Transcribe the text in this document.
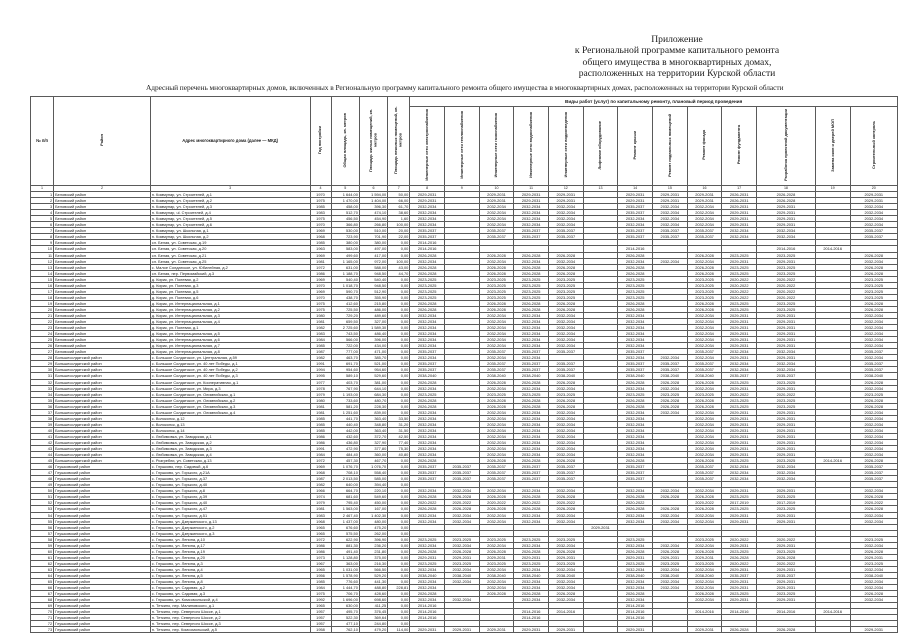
Приложение
к Региональной программе капитального ремонта
общего имущества в многоквартирных домах,
расположенных на территории Курской области
Адресный перечень многоквартирных домов, включенных в Региональную программу капитального ремонта общего имущества в многоквартирных домах, расположенных на территории Курской области
№ п/п	Район	Адрес многоквартирного дома (далее — МКД)	Год постройки	Общая площадь, кв. метров	Площадь жилых помещений, кв. метров	Площадь нежилых помещений, кв. метров	Виды работ (услуг) по капитальному ремонту, плановый период проведения												
							Инженерные сети электроснабжения	Инженерные сети теплоснабжения	Инженерные сети газоснабжения	Инженерные сети водоснабжения	Инженерные сети водоотведения	Лифтовое оборудование	Ремонт крыши	Ремонт подвальных помещений	Ремонт фасада	Ремонт фундамента	Разработка проектной документации	Замена окон и дверей МОП	Строительный контроль
1	2	3	4	5	6	7	8	9	10	11	12	13	14	15	16	17	18	19	20
1	Беловский район	п. Коммунар, ул. Строителей, д.1	1970	1 644,00	1 594,00	50,00	2029-2031		2029-2031	2029-2031	2029-2031		2029-2031	2029-2031	2029-2031	2026-2031	2026-2028		2029-2031
2	Беловский район	п. Коммунар, ул. Строителей, д.2	1975	1 470,00	1 404,00	66,00	2029-2031		2029-2031	2029-2031	2029-2031		2029-2031	2029-2031	2029-2031	2026-2031	2026-2028		2029-2031
3	Беловский район	п. Коммунар, ул. Строителей, д.3	1985	458,00	396,30	61,70	2032-2034		2032-2034	2032-2034	2032-2034		2035-2037	2032-2034	2032-2034	2029-2031	2029-2031		2032-2034
4	Беловский район	п. Коммунар, ul. Строителей, д.4	1983	512,70	474,10	38,60	2032-2034		2032-2034	2032-2034	2032-2034		2035-2037	2032-2034	2032-2034	2029-2031	2029-2031		2032-2034
5	Беловский район	п. Коммунар, ул. Строителей, д.5	1975	456,50	454,90	1,60	2032-2034		2032-2034	2032-2034	2032-2034		2032-2034	2032-2034	2032-2034	2029-2031	2029-2031		2032-2034
6	Беловский район	п. Коммунар, ул. Строителей, д.6	1970	366,80	266,80	100,00	2032-2034		2032-2034	2032-2034	2032-2034		2032-2034	2032-2034	2032-2034	2029-2031	2029-2031		2032-2034
7	Беловский район	п. Коммунар, ул. Школьная, д.1	1969	530,00	510,00	20,00	2035-2037		2035-2037	2035-2037	2035-2037		2035-2037	2035-2037	2035-2037	2032-2034	2032-2034		2035-2037
8	Беловский район	п. Коммунар, ул. Школьная, д.2	1968	723,90	701,90	22,00	2035-2037		2035-2037	2035-2037	2035-2037		2035-2037	2035-2037	2035-2037	2032-2034	2032-2034		2035-2037
9	Беловский район	сл. Белая, ул. Советская, д.19	1985	380,00	380,00	0,00	2014-2016												
10	Беловский район	сл. Белая, ул. Советская, д.20	1963	583,00	497,00	0,00	2014-2016						2014-2016				2014-2016	2014-2016	
11	Беловский район	сл. Белая, ул. Советская, д.21	1969	499,60	417,00	0,00	2026-2028		2026-2028	2026-2028	2026-2028		2026-2028		2026-2028	2023-2025	2023-2025		2026-2028
12	Беловский район	сл. Белая, ул. Советская, д.25	1981	1 165,00	972,00	100,00	2032-2034		2032-2034	2032-2034	2032-2034		2032-2034	2032-2034	2032-2034	2029-2031	2029-2031		2032-2034
13	Беловский район	с. Малое Солдатское, ул. Юбилейная, д.2	1972	631,00	588,00	43,00	2026-2028		2026-2028	2026-2028	2026-2028		2026-2028		2026-2028	2023-2025	2023-2025		2026-2028
14	Беловский район	сл. Белая, пер. Первомайский, д.3	1986	1 188,70	948,50	44,70	2026-2028		2026-2028	2026-2028	2026-2028		2026-2028		2026-2028	2023-2025	2023-2025		2026-2028
15	Беловский район	д. Кирик, ул. Полевая, д.2	1969	540,40	540,40	0,00	2023-2025		2023-2025	2023-2025	2023-2025		2023-2025		2023-2025	2020-2022	2020-2022		2023-2025
16	Беловский район	д. Кирик, ул. Полевая, д.3	1970	1 018,70	948,50	0,00	2023-2025		2023-2025	2023-2025	2023-2025		2023-2025		2023-2025	2020-2022	2020-2022		2023-2025
17	Беловский район	д. Кирик, ул. Полевая, д.5	1969	590,70	512,90	0,00	2023-2025		2023-2025	2023-2025	2023-2025		2023-2025		2023-2025	2020-2022	2020-2022		2023-2025
18	Беловский район	д. Кирик, ул. Полевая, д.6	1970	438,70	355,90	0,00	2023-2025		2023-2025	2023-2025	2023-2025		2023-2025		2023-2025	2020-2022	2020-2022		2023-2025
19	Беловский район	д. Кирик, ул. Интернациональная, д.1	1975	412,60	215,80	0,00	2026-2028		2026-2028	2026-2028	2026-2028		2026-2028		2026-2028	2023-2025	2023-2025		2026-2028
20	Беловский район	д. Кирик, ул. Интернациональная, д.2	1975	725,50	486,00	0,00	2026-2028		2026-2028	2026-2028	2026-2028		2026-2028		2026-2028	2023-2025	2023-2025		2026-2028
21	Беловский район	д. Кирик, ул. Интернациональная, д.3	1980	729,20	489,60	0,00	2032-2034		2032-2034	2032-2034	2032-2034		2032-2034		2032-2034	2029-2031	2029-2031		2032-2034
22	Беловский район	д. Кирик, ул. Интернациональная, д.4	1981	659,50	327,00	0,00	2032-2034		2032-2034	2032-2034	2032-2034		2032-2034		2032-2034	2029-2031	2029-2031		2032-2034
23	Беловский район	д. Кирик, ул. Полевая, д.1	1982	2 725,60	1 589,30	0,00	2032-2034		2032-2034	2032-2034	2032-2034		2032-2034		2032-2034	2029-2031	2029-2031		2032-2034
24	Беловский район	д. Кирик, ул. Интернациональная, д.5	1983	743,50	486,40	0,00	2032-2034		2032-2034	2032-2034	2032-2034		2032-2034		2032-2034	2029-2031	2029-2031		2032-2034
25	Беловский район	д. Кирик, ул. Интернациональная, д.6	1984	566,00	396,00	0,00	2032-2034		2032-2034	2032-2034	2032-2034		2032-2034		2032-2034	2029-2031	2029-2031		2032-2034
26	Беловский район	д. Кирик, ул. Интернациональная, д.7	1985	722,00	434,00	0,00	2032-2034		2032-2034	2032-2034	2032-2034		2032-2034		2032-2034	2029-2031	2029-2031		2032-2034
27	Беловский район	д. Кирик, ул. Интернациональная, д.8	1987	777,00	471,00	0,00	2035-2037		2035-2037	2035-2037	2035-2037		2035-2037		2035-2037	2032-2034	2032-2034		2035-2037
28	Большесолдатский район	с. Большое Солдатское, ул. Центральная, д.59	1982	463,70	385,70	0,00	2032-2034		2032-2034	2032-2034			2032-2034	2032-2034	2032-2034	2029-2031	2029-2031		2032-2034
29	Большесолдатский район	с. Большое Солдатское, ул. 40 лет Победы, д.1	1991	691,70	521,00	0,00	2035-2037		2035-2037	2035-2037	2035-2037		2035-2037	2035-2037	2035-2037	2032-2034	2032-2034		2035-2037
30	Большесолдатский район	с. Большое Солдатское, ул. 40 лет Победы, д.2	1994	954,60	954,60	0,00	2035-2037		2035-2037	2035-2037	2035-2037		2035-2037	2035-2037	2035-2037	2032-2034	2032-2034		2035-2037
31	Большесолдатский район	с. Большое Солдатское, ул. 40 лет Победы, д.3	1995	589,10	529,60	0,00	2038-2040		2038-2040	2038-2040	2038-2040		2038-2040	2038-2040	2038-2040	2035-2037	2035-2037		2038-2040
32	Большесолдатский район	с. Большое Солдатское, ул. Кооперативная, д.1	1977	403,70	381,00	0,00	2026-2028		2026-2028	2026-2028	2026-2028		2026-2028	2026-2028	2026-2028	2023-2025	2023-2025		2026-2028
33	Большесолдатский район	с. Большое Солдатское, ул. Мира, д.3	1978	767,90	644,10	0,00	2032-2034		2032-2034	2032-2034	2032-2034		2032-2034	2032-2034	2032-2034	2029-2031	2029-2031		2032-2034
34	Большесолдатский район	с. Большое Солдатское, ул. Олимпийская, д.1	1979	1 193,00	684,30	0,00	2023-2025		2023-2025	2023-2025	2023-2025		2023-2025	2023-2025	2023-2025	2020-2022	2020-2022		2023-2025
35	Большесолдатский район	с. Большое Солдатское, ул. Олимпийская, д.2	1980	733,60	480,70	0,00	2026-2028		2026-2028	2026-2028	2026-2028		2026-2028	2026-2028	2026-2028	2023-2025	2023-2025		2026-2028
36	Большесолдатский район	с. Большое Солдатское, ул. Олимпийская, д.3	1981	581,20	228,30	0,00	2026-2028		2026-2028	2026-2028	2026-2028		2026-2028	2026-2028	2026-2028	2023-2025	2023-2025		2026-2028
37	Большесолдатский район	с. Большое Солдатское, ул. Олимпийская, д.4	1981	1 251,60	839,00	0,00	2032-2034		2032-2034	2032-2034	2032-2034		2032-2034	2032-2034	2032-2034	2029-2031	2029-2031		2032-2034
38	Большесолдатский район	с. Волоконск, д.12	1985	441,70	363,40	33,50	2032-2034		2032-2034	2032-2034	2032-2034		2032-2034		2032-2034	2029-2031	2029-2031		2032-2034
39	Большесолдатский район	с. Волоконск, д.13	1985	440,40	348,80	31,20	2032-2034		2032-2034	2032-2034	2032-2034		2032-2034		2032-2034	2029-2031	2029-2031		2032-2034
40	Большесолдатский район	с. Волоконск, д.14	1985	442,00	363,40	31,50	2032-2034		2032-2034	2032-2034	2032-2034		2032-2034		2032-2034	2029-2031	2029-2031		2032-2034
41	Большесолдатский район	с. Любимовка, ул. Заводская, д.1	1986	432,60	372,70	42,50	2032-2034		2032-2034	2032-2034	2032-2034		2032-2034		2032-2034	2029-2031	2029-2031		2032-2034
42	Большесолдатский район	с. Любимовка, ул. Заводская, д.2	1986	436,80	327,90	77,40	2032-2034		2032-2034	2032-2034	2032-2034		2032-2034		2032-2034	2029-2031	2029-2031		2032-2034
43	Большесолдатский район	с. Любимовка, ул. Заводская, д.3	1991	472,90	377,80	75,30	2032-2034		2032-2034	2032-2034	2032-2034		2032-2034		2032-2034	2029-2031	2029-2031		2032-2034
44	Большесолдатский район	с. Любимовка, ул. Заводская, д.4	1984	484,40	360,00	40,80	2032-2034		2032-2034	2032-2034	2032-2034		2032-2034		2032-2034	2029-2031	2029-2031		2032-2034
45	Большесолдатский район	с. Розгребли, ул. Советская, д.13	1972	457,30	467,70	0,00	2026-2028		2026-2028	2026-2028	2026-2028		2026-2028		2026-2028	2023-2025	2023-2025	2014-2016	2026-2028
46	Глушковский район	с. Глушково, пер. Садовый, д.6	1969	1 076,70	1 076,70	0,00	2035-2037	2035-2037	2035-2037	2035-2037	2035-2037		2035-2037		2035-2037	2032-2034	2032-2034		2035-2037
47	Глушковский район	с. Глушково, ул. Горького, д.21А	1968	708,10	558,40	0,00	2035-2037	2035-2037	2035-2037	2035-2037	2035-2037		2035-2037		2035-2037	2032-2034	2032-2034		2035-2037
48	Глушковский район	с. Глушково, ул. Горького, д.37	1987	2 013,50	585,00	0,00	2035-2037	2035-2037	2035-2037	2035-2037	2035-2037		2035-2037		2035-2037	2032-2034	2032-2034		2035-2037
49	Глушковский район	с. Глушково, ул. Горького, д.40	1982	640,00	394,40	0,00													
50	Глушковский район	с. Глушково, ул. Горького, д.8	1966	664,70	220,10	0,00	2032-2034	2032-2034	2032-2034	2032-2034	2032-2034		2032-2034	2032-2034	2032-2034	2029-2031	2029-2031		2032-2034
51	Глушковский район	с. Глушково, ул. Горького, д.39	1974	681,60	549,60	0,00	2026-2028	2026-2028	2026-2028	2026-2028	2026-2028		2026-2028	2026-2028	2026-2028	2023-2025	2023-2025		2026-2028
52	Глушковский район	с. Глушково, ул. Горького, д.40	1979	795,40	450,00	0,00	2020-2022	2020-2022	2020-2022	2020-2022	2020-2022		2020-2022		2020-2022	2017-2019	2017-2019		2020-2022
53	Глушковский район	с. Глушково, ул. Горького, д.47	1981	1 563,00	167,00	0,00	2026-2028	2026-2028	2026-2028	2026-2028	2026-2028		2026-2028	2026-2028	2026-2028	2023-2025	2023-2025		2026-2028
54	Глушковский район	с. Глушково, ул. Горького, д.51	1983	2 467,40	1 402,30	0,00	2032-2034	2032-2034	2032-2034	2032-2034	2032-2034		2032-2034	2032-2034	2032-2034	2029-2031	2029-2031		2032-2034
55	Глушковский район	с. Глушково, ул. Дзержинского, д.13	1968	1 437,00	480,00	0,00	2032-2034	2032-2034	2032-2034	2032-2034	2032-2034		2032-2034	2032-2034	2032-2034	2029-2031	2029-2031		2032-2034
56	Глушковский район	с. Глушково, ул. Дзержинского, д.2	1965	676,60	475,20	0,00						2029-2031							
57	Глушковский район	с. Глушково, ул. Дзержинского, д.3	1965	575,50	262,00	0,00													
58	Глушковский район	с. Глушково, ул. Ленина, д.10	1972	622,90	396,90	0,00	2023-2025	2023-2025	2023-2025	2023-2025	2023-2025		2023-2025		2023-2025	2020-2022	2020-2022		2023-2025
59	Глушковский район	с. Глушково, ул. Ленина, д.17	1986	881,30	236,20	0,00	2032-2034	2032-2034	2032-2034	2032-2034	2032-2034		2032-2034	2032-2034	2032-2034	2029-2031	2029-2031		2032-2034
60	Глушковский район	с. Глушково, ул. Ленина, д.19	1986	491,40	231,80	0,00	2026-2028	2026-2028	2026-2028	2026-2028	2026-2028		2026-2028	2026-2028	2026-2028	2023-2025	2023-2025		2026-2028
61	Глушковский район	с. Глушково, ул. Ленина, д.20	1973	1 128,80	375,00	0,00	2029-2031	2029-2031	2029-2031	2029-2031	2029-2031		2029-2031	2029-2031	2029-2031	2026-2028	2026-2028		2029-2031
62	Глушковский район	с. Глушково, ул. Ленина, д.3	1967	363,00	216,30	0,00	2023-2025	2023-2025	2023-2025	2023-2025	2023-2025		2023-2025	2023-2025	2023-2025	2020-2022	2020-2022		2023-2025
63	Глушковский район	с. Глушково, ул. Ленина, д.4	1965	1 031,00	566,50	0,00	2032-2034	2032-2034	2032-2034	2032-2034	2032-2034		2032-2034	2032-2034	2032-2034	2029-2031	2029-2031		2032-2034
64	Глушковский район	с. Глушково, ул. Ленина, д.5	1956	1 578,90	529,20	0,00	2038-2040	2038-2040	2038-2040	2038-2040	2038-2040		2038-2040	2038-2040	2038-2040	2035-2037	2035-2037		2038-2040
65	Глушковский район	с. Глушково, ул. Ленина, д.8	1985	776,60	441,30	0,00	2032-2034	2032-2034	2032-2034	2032-2034	2032-2034		2032-2034	2032-2034	2032-2034	2029-2031	2029-2031		2032-2034
66	Глушковский район	с. Глушково, ул. Садовая, д.2	1984	1 444,70	488,80	228,81	2032-2034		2032-2034	2032-2034	2032-2034		2032-2034	2032-2034	2032-2034	2029-2031	2029-2031		2032-2034
67	Глушковский район	с. Глушково, ул. Садовая, д.3	1975	706,70	428,60	0,00	2026-2028		2026-2028	2026-2028	2026-2028		2026-2028		2026-2028	2023-2025	2023-2025		2026-2028
68	Глушковский район	с. Глушково, ул. Комсомольской, д.4	1992	1 696,00	698,60	0,00	2032-2034	2032-2034		2032-2034	2032-2034		2032-2034		2032-2034	2029-2031	2029-2031		2032-2034
69	Глушковский район	п. Теткино, пер. Малиновского, д.1	1965	630,00	411,25	0,00	2014-2016						2014-2016						
70	Глушковский район	п. Теткино, пер. Северного Шоссе, д.1	1957	495,70	376,45	0,00	2014-2016			2014-2016	2014-2016		2014-2016		2014-2016	2014-2016	2014-2016	2014-2016	
71	Глушковский район	п. Теткино, пер. Северного Шоссе, д.2	1957	522,30	369,64	0,00	2014-2016			2014-2016			2014-2016						
72	Глушковский район	п. Теткино, пер. Северного Шоссе, д.3	1957	477,10	244,80	0,00													
73	Глушковский район	п. Теткино, пер. Комсомольский, д.5	1958	762,10	479,20	114,00	2029-2031	2029-2031	2029-2031	2029-2031	2029-2031		2029-2031		2029-2031	2026-2028	2026-2028		2029-2031
